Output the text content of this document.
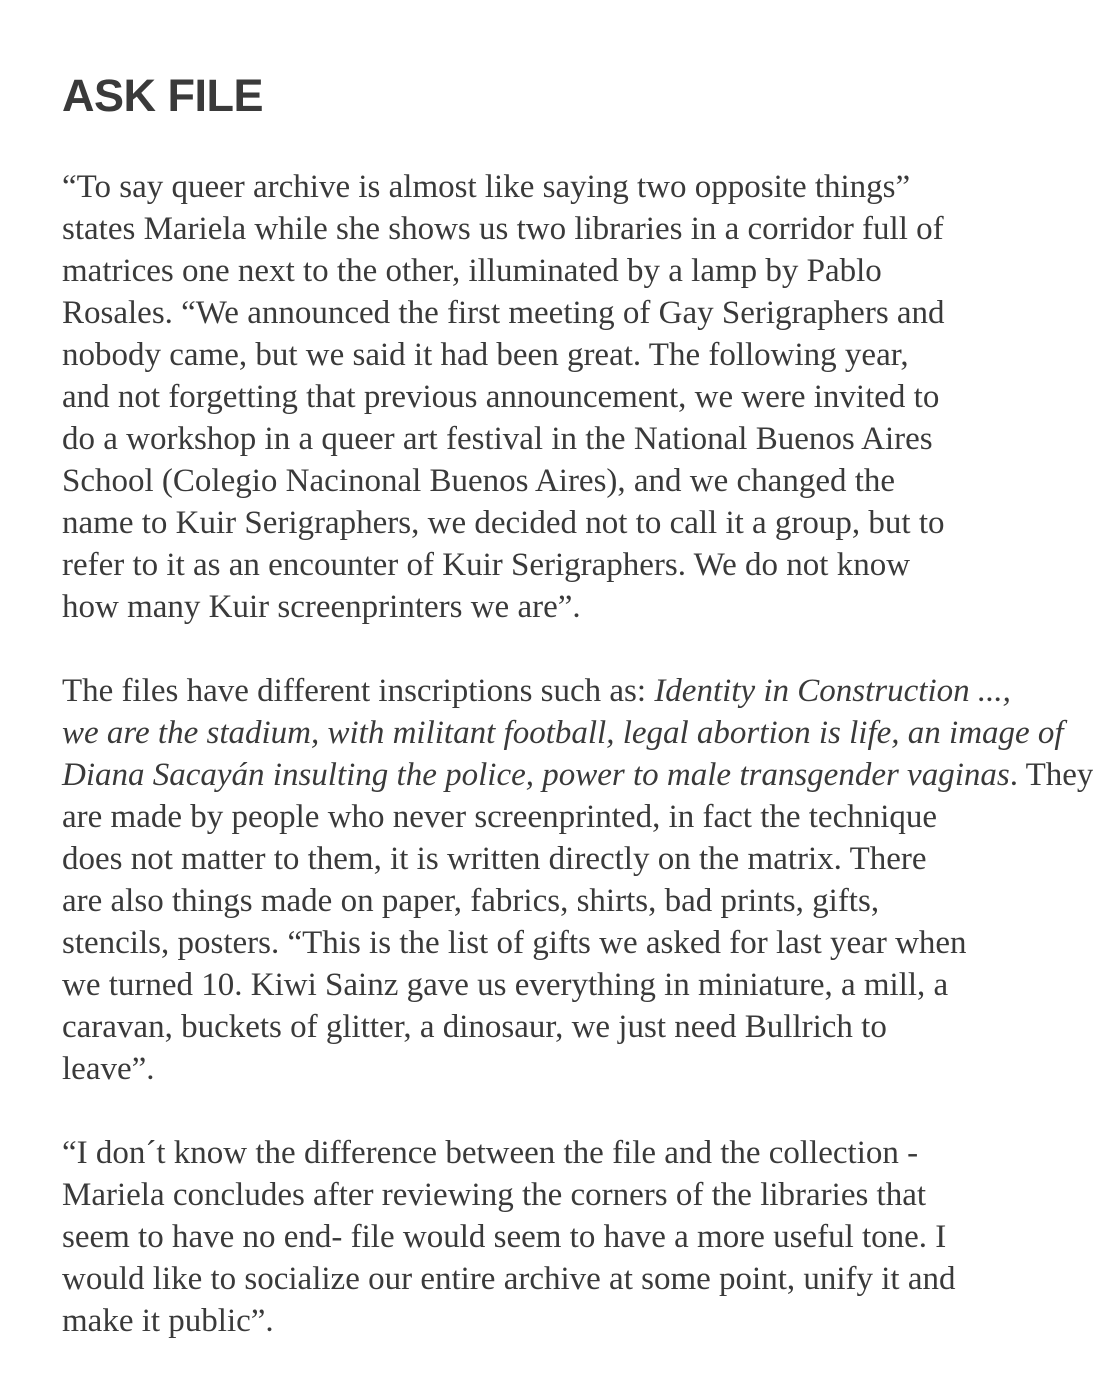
ASK FILE

“To say queer archive is almost like saying two opposite things”
states Mariela while she shows us two libraries in a corridor full of
matrices one next to the other, illuminated by a lamp by Pablo
Rosales. “We announced the first meeting of Gay Serigraphers and
nobody came, but we said it had been great. The following year,
and not forgetting that previous announcement, we were invited to
do a workshop in a queer art festival in the National Buenos Aires
School (Colegio Nacinonal Buenos Aires), and we changed the
name to Kuir Serigraphers, we decided not to call it a group, but to
refer to it as an encounter of Kuir Serigraphers. We do not know
how many Kuir screenprinters we are”.

The files have different inscriptions such as: Identity in Construction ...,
we are the stadium, with militant football, legal abortion is life, an image of
Diana Sacayán insulting the police, power to male transgender vaginas. They
are made by people who never screenprinted, in fact the technique
does not matter to them, it is written directly on the matrix. There
are also things made on paper, fabrics, shirts, bad prints, gifts,
stencils, posters. “This is the list of gifts we asked for last year when
we turned 10. Kiwi Sainz gave us everything in miniature, a mill, a
caravan, buckets of glitter, a dinosaur, we just need Bullrich to
leave”.

“I don´t know the difference between the file and the collection -
Mariela concludes after reviewing the corners of the libraries that
seem to have no end- file would seem to have a more useful tone. I
would like to socialize our entire archive at some point, unify it and
make it public”.
